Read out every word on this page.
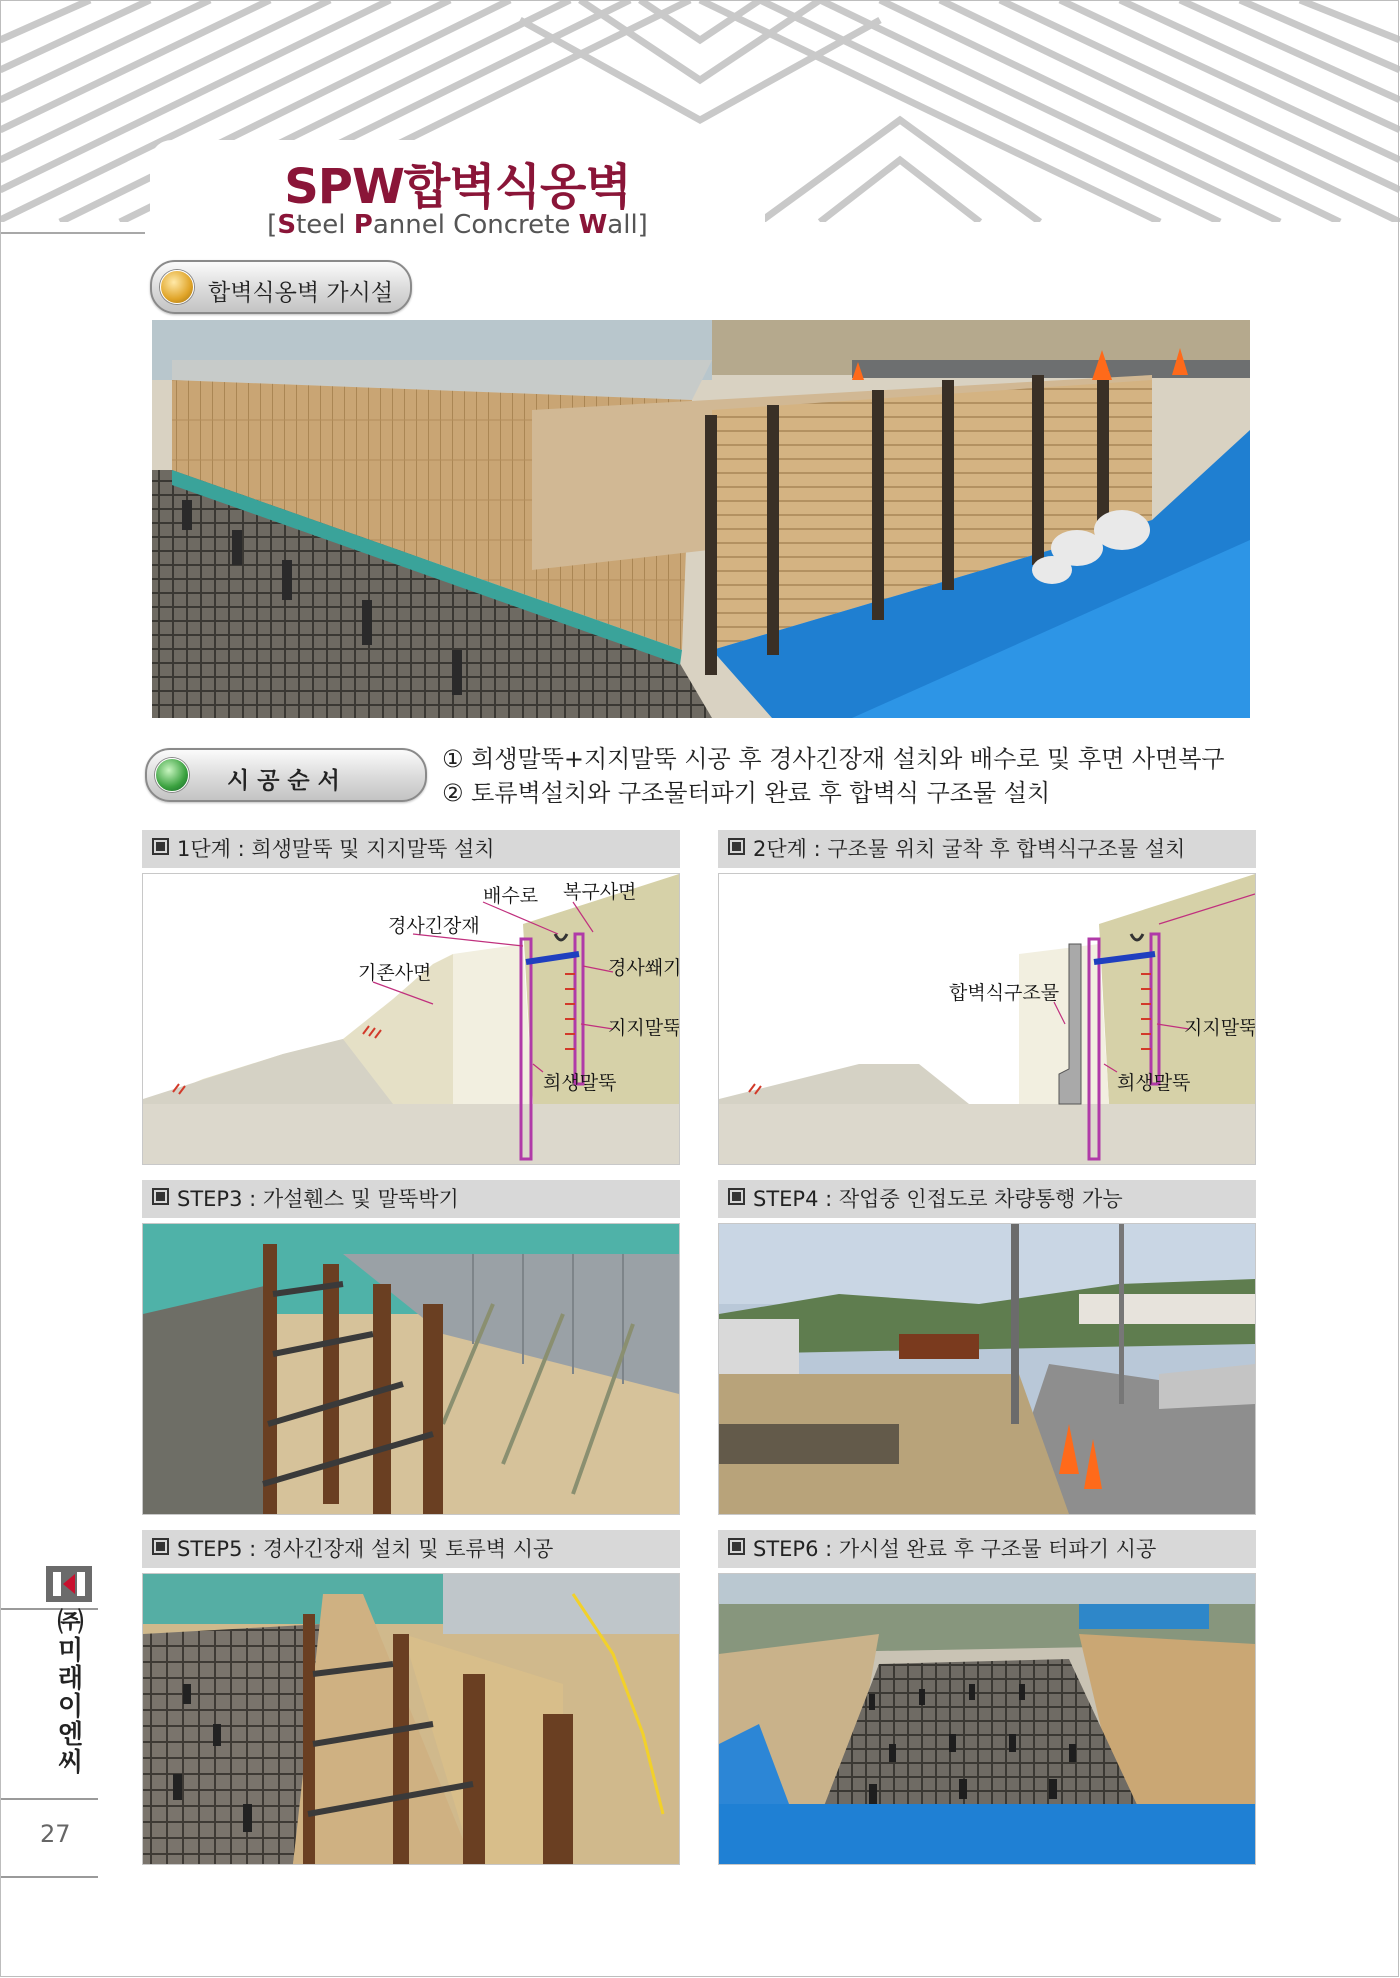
SPW합벽식옹벽
[Steel Pannel Concrete Wall]
합벽식옹벽 가시설
시공순서
① 희생말뚝+지지말뚝 시공 후 경사긴장재 설치와 배수로 및 후면 사면복구
② 토류벽설치와 구조물터파기 완료 후 합벽식 구조물 설치
1단계 : 희생말뚝 및 지지말뚝 설치
배수로 복구사면
경사긴장재
기존사면	경사쐐기
지지말뚝
희생말뚝
2단계 : 구조물 위치 굴착 후 합벽식구조물 설치
합벽식구조물
지지말뚝
희생말뚝
STEP3 : 가설휀스 및 말뚝박기	STEP4 : 작업중 인접도로 차량통행 가능
STEP5 : 경사긴장재 설치 및 토류벽 시공	STEP6 : 가시설 완료 후 구조물 터파기 시공
㈜미래이엔씨
27
